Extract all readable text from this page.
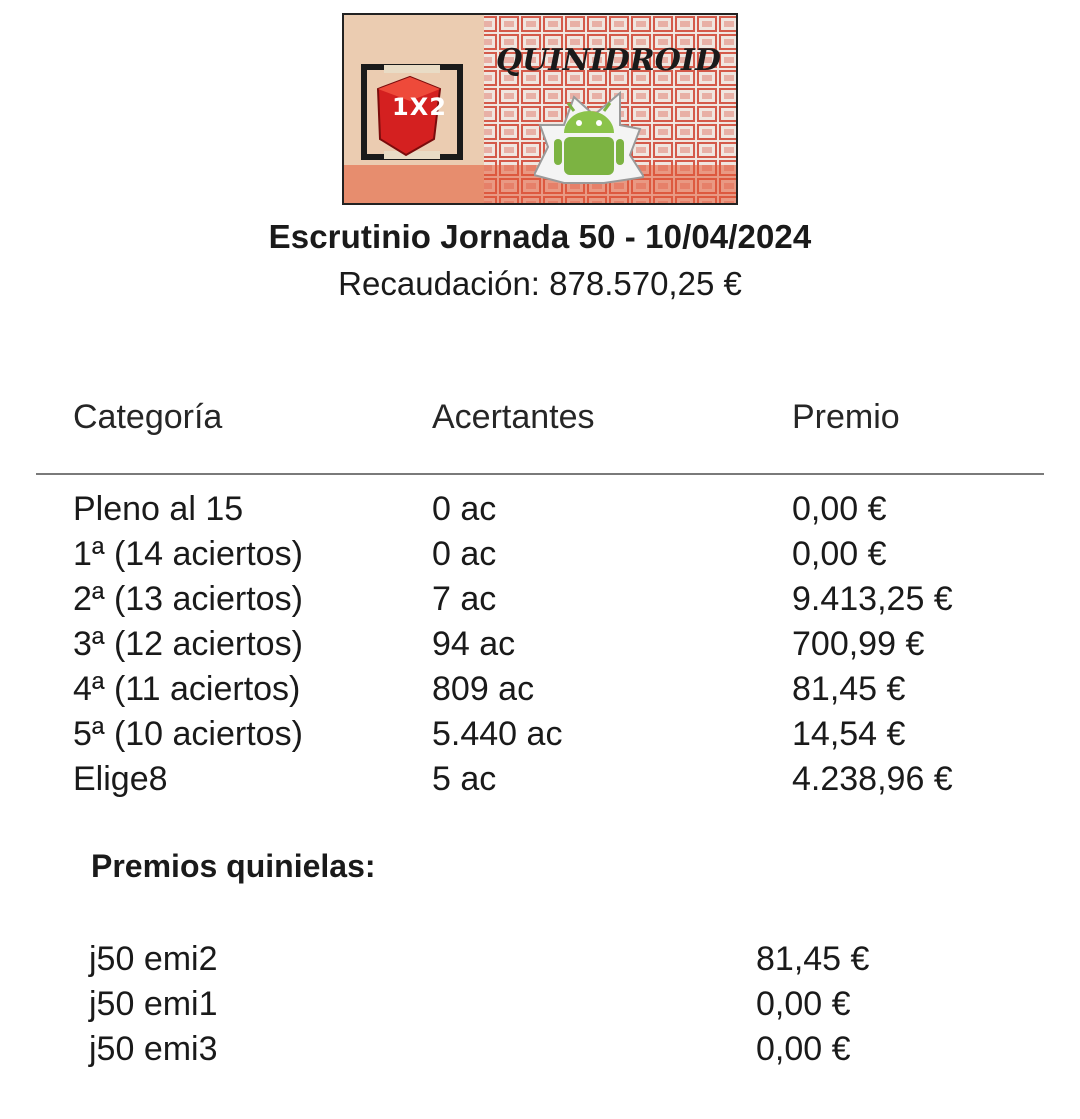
1X2
QUINIDROID
Escrutinio Jornada 50 - 10/04/2024
Recaudación: 878.570,25 €
Categoría	Acertantes	Premio
Pleno al 15	0 ac	0,00 €
1ª (14 aciertos)	0 ac	0,00 €
2ª (13 aciertos)	7 ac	9.413,25 €
3ª (12 aciertos)	94 ac	700,99 €
4ª (11 aciertos)	809 ac	81,45 €
5ª (10 aciertos)	5.440 ac	14,54 €
Elige8	5 ac	4.238,96 €
Premios quinielas:
j50 emi2	81,45 €
j50 emi1	0,00 €
j50 emi3	0,00 €
